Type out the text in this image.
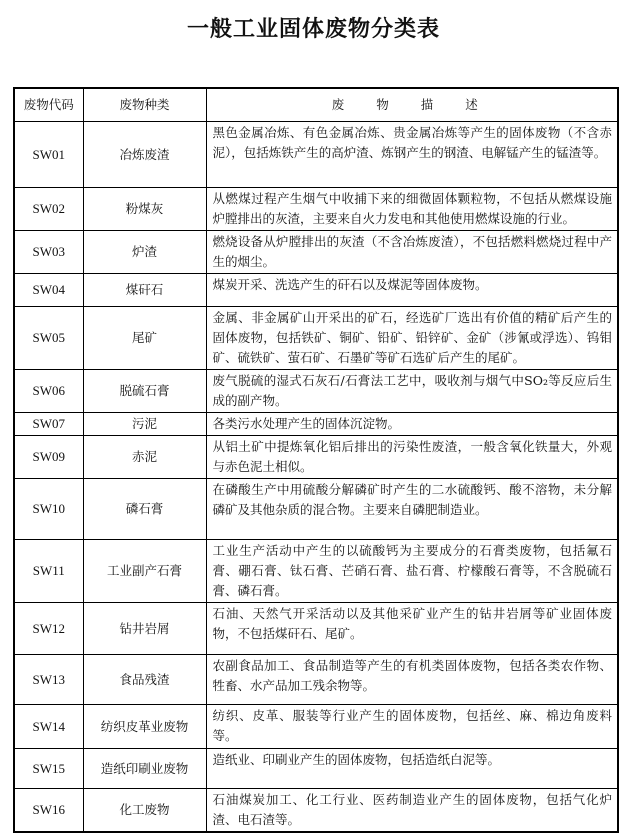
一般工业固体废物分类表
废物代码	废物种类	废 物 描 述
SW01	冶炼废渣	黑色金属冶炼、有色金属冶炼、贵金属冶炼等产生的固体废物（不含赤泥），包括炼铁产生的高炉渣、炼钢产生的钢渣、电解锰产生的锰渣等。
SW02	粉煤灰	从燃煤过程产生烟气中收捕下来的细微固体颗粒物，不包括从燃煤设施炉膛排出的灰渣，主要来自火力发电和其他使用燃煤设施的行业。
SW03	炉渣	燃烧设备从炉膛排出的灰渣（不含冶炼废渣），不包括燃料燃烧过程中产生的烟尘。
SW04	煤矸石	煤炭开采、洗选产生的矸石以及煤泥等固体废物。
SW05	尾矿	金属、非金属矿山开采出的矿石，经选矿厂选出有价值的精矿后产生的固体废物，包括铁矿、铜矿、铅矿、铅锌矿、金矿（涉氰或浮选）、钨钼矿、硫铁矿、萤石矿、石墨矿等矿石选矿后产生的尾矿。
SW06	脱硫石膏	废气脱硫的湿式石灰石/石膏法工艺中，吸收剂与烟气中SO₂等反应后生成的副产物。
SW07	污泥	各类污水处理产生的固体沉淀物。
SW09	赤泥	从铝土矿中提炼氧化铝后排出的污染性废渣，一般含氧化铁量大，外观与赤色泥土相似。
SW10	磷石膏	在磷酸生产中用硫酸分解磷矿时产生的二水硫酸钙、酸不溶物，未分解磷矿及其他杂质的混合物。主要来自磷肥制造业。
SW11	工业副产石膏	工业生产活动中产生的以硫酸钙为主要成分的石膏类废物，包括氟石膏、硼石膏、钛石膏、芒硝石膏、盐石膏、柠檬酸石膏等，不含脱硫石膏、磷石膏。
SW12	钻井岩屑	石油、天然气开采活动以及其他采矿业产生的钻井岩屑等矿业固体废物，不包括煤矸石、尾矿。
SW13	食品残渣	农副食品加工、食品制造等产生的有机类固体废物，包括各类农作物、牲畜、水产品加工残余物等。
SW14	纺织皮革业废物	纺织、皮革、服装等行业产生的固体废物，包括丝、麻、棉边角废料等。
SW15	造纸印刷业废物	造纸业、印刷业产生的固体废物，包括造纸白泥等。
SW16	化工废物	石油煤炭加工、化工行业、医药制造业产生的固体废物，包括气化炉渣、电石渣等。
